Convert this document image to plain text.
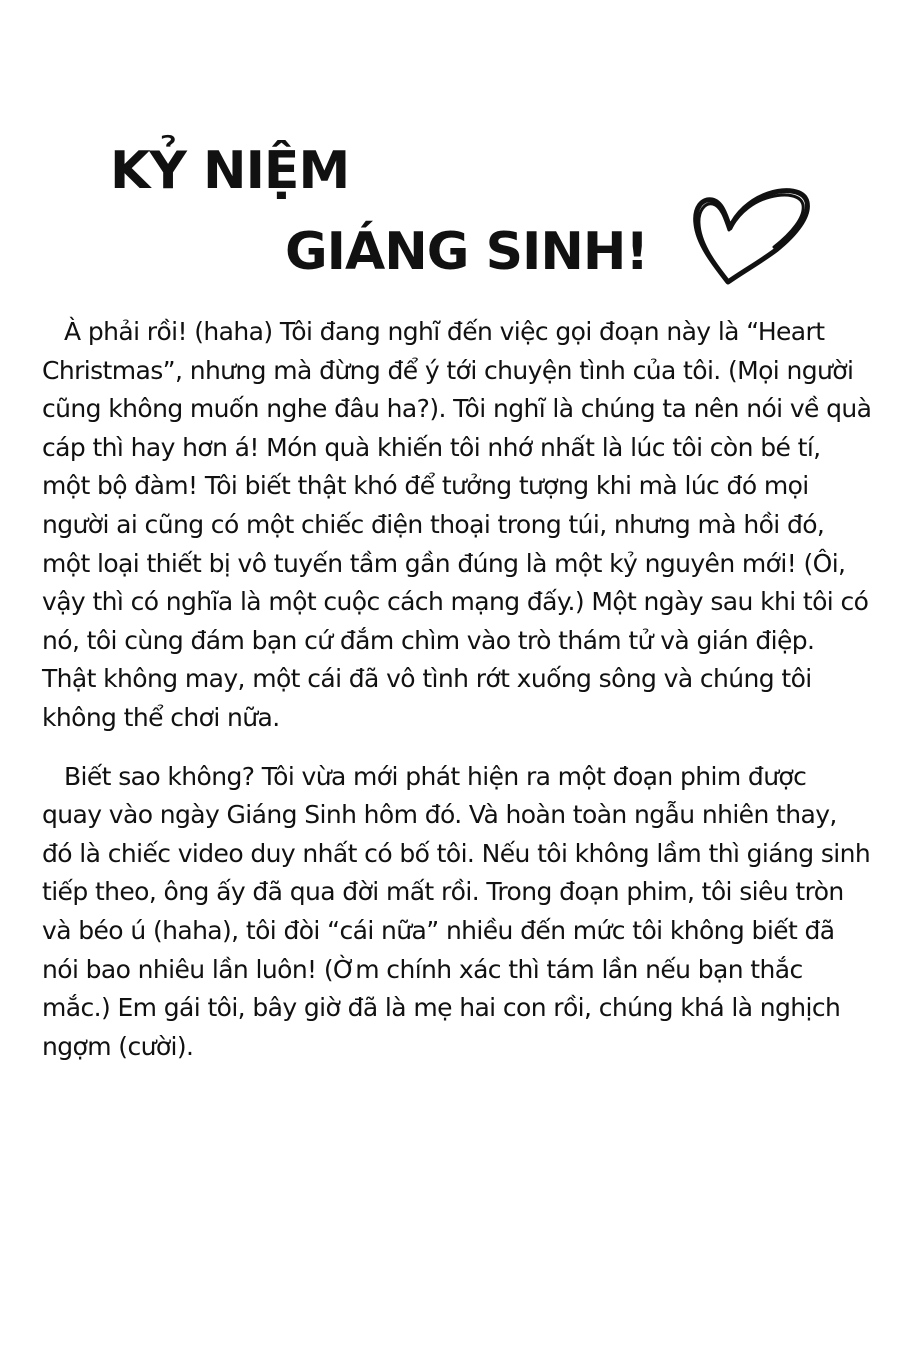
KỶ NIỆM
GIÁNG SINH!

À phải rồi! (haha) Tôi đang nghĩ đến việc gọi đoạn này là “Heart Christmas”, nhưng mà đừng để ý tới chuyện tình của tôi. (Mọi người cũng không muốn nghe đâu ha?). Tôi nghĩ là chúng ta nên nói về quà cáp thì hay hơn á! Món quà khiến tôi nhớ nhất là lúc tôi còn bé tí, một bộ đàm! Tôi biết thật khó để tưởng tượng khi mà lúc đó mọi người ai cũng có một chiếc điện thoại trong túi, nhưng mà hồi đó, một loại thiết bị vô tuyến tầm gần đúng là một kỷ nguyên mới! (Ôi, vậy thì có nghĩa là một cuộc cách mạng đấy.) Một ngày sau khi tôi có nó, tôi cùng đám bạn cứ đắm chìm vào trò thám tử và gián điệp. Thật không may, một cái đã vô tình rớt xuống sông và chúng tôi không thể chơi nữa.

Biết sao không? Tôi vừa mới phát hiện ra một đoạn phim được quay vào ngày Giáng Sinh hôm đó. Và hoàn toàn ngẫu nhiên thay, đó là chiếc video duy nhất có bố tôi. Nếu tôi không lầm thì giáng sinh tiếp theo, ông ấy đã qua đời mất rồi. Trong đoạn phim, tôi siêu tròn và béo ú (haha), tôi đòi “cái nữa” nhiều đến mức tôi không biết đã nói bao nhiêu lần luôn! (Ờm chính xác thì tám lần nếu bạn thắc mắc.) Em gái tôi, bây giờ đã là mẹ hai con rồi, chúng khá là nghịch ngợm (cười).
